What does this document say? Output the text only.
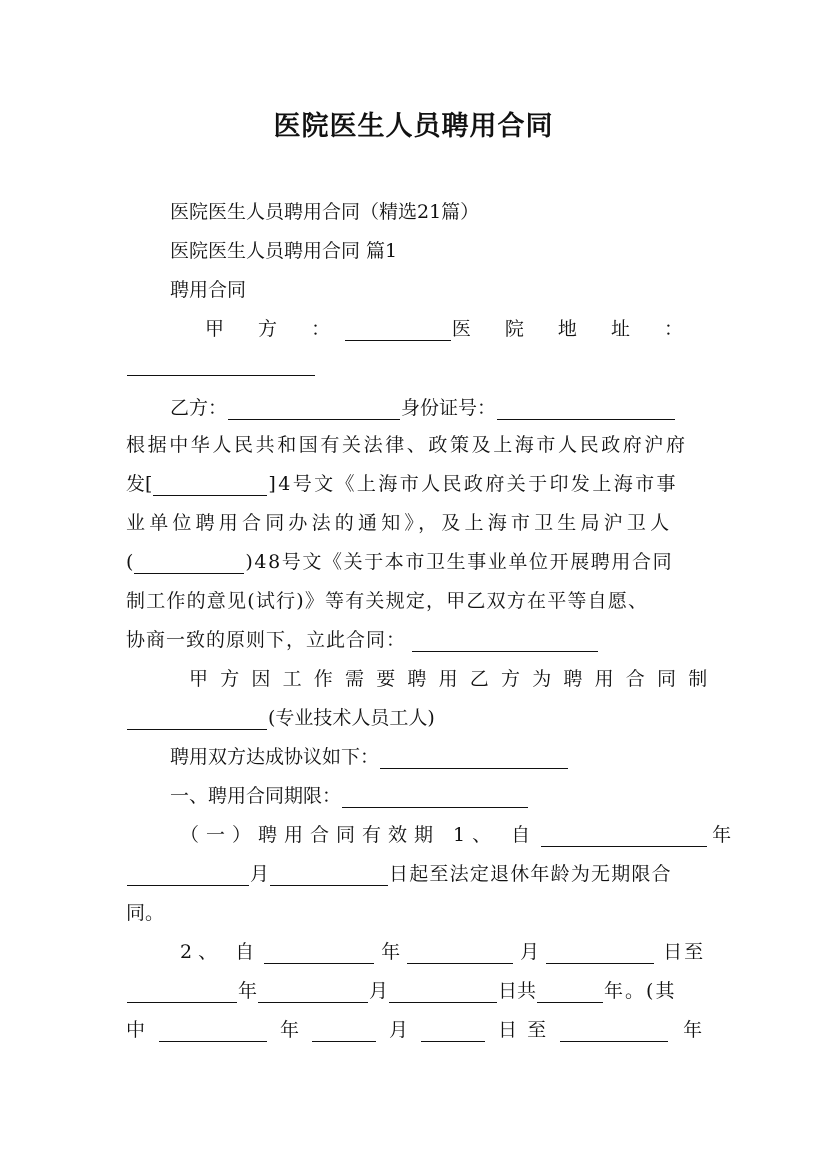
医院医生人员聘用合同
医院医生人员聘用合同（精选21篇）
医院医生人员聘用合同 篇1
聘用合同
甲 方 ：	医 院 地 址 ：
乙方：	身份证号：
根据中华人民共和国有关法律、政策及上海市人民政府沪府
发[	]4号文《上海市人民政府关于印发上海市事
业单位聘用合同办法的通知》，及上海市卫生局沪卫人
(	)48号文《关于本市卫生事业单位开展聘用合同
制工作的意见(试行)》等有关规定，甲乙双方在平等自愿、
协商一致的原则下，立此合同：
甲方因工作需要聘用乙方为聘用合同制
(专业技术人员工人)
聘用双方达成协议如下：
一、聘用合同期限：
（一）聘用合同有效期 1、 自	年
月	日起至法定退休年龄为无期限合
同。
2、 自	年	月	日至
年	月	日共	年。(其
中	年	月	日 至	年
